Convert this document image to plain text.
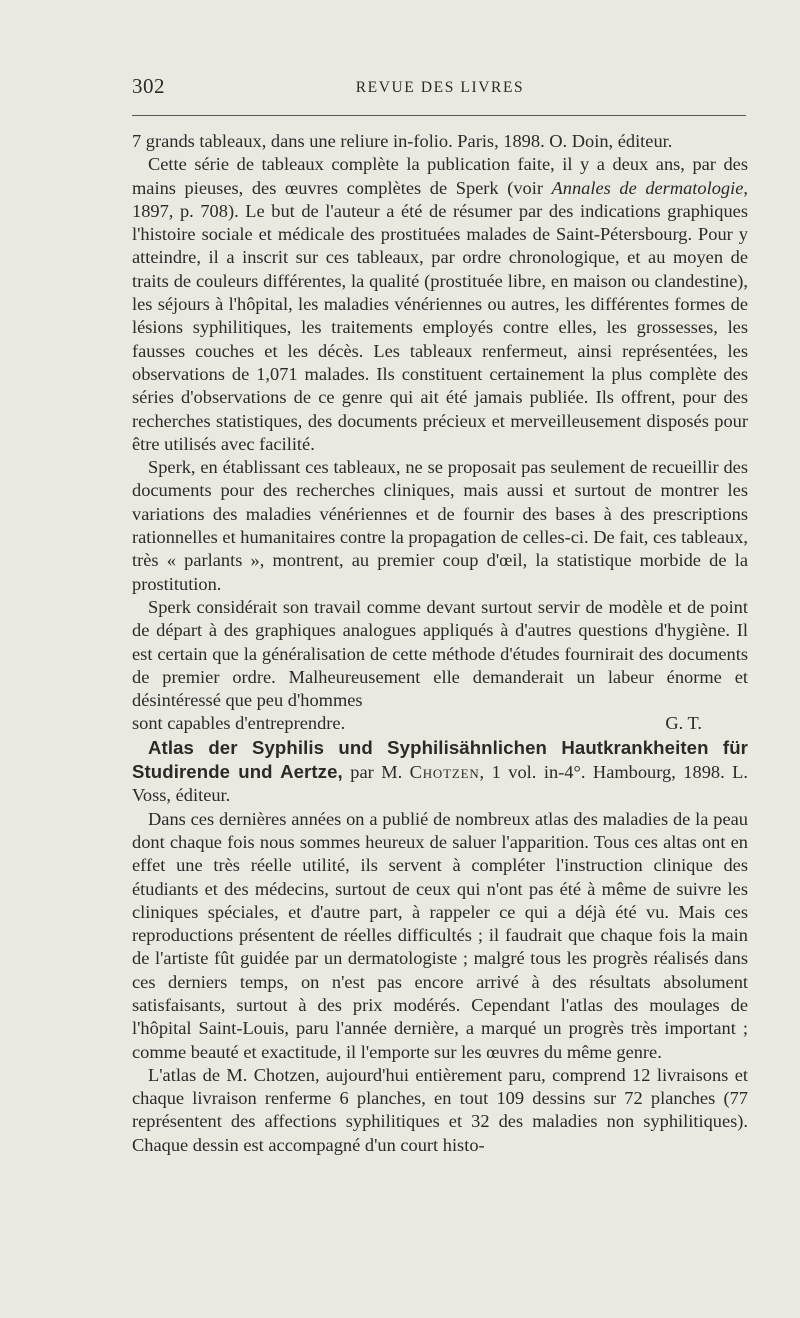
302	REVUE DES LIVRES

7 grands tableaux, dans une reliure in-folio. Paris, 1898. O. Doin, éditeur.

Cette série de tableaux complète la publication faite, il y a deux ans, par des mains pieuses, des œuvres complètes de Sperk (voir Annales de dermatologie, 1897, p. 708). Le but de l'auteur a été de résumer par des indications graphiques l'histoire sociale et médicale des prostituées malades de Saint-Pétersbourg. Pour y atteindre, il a inscrit sur ces tableaux, par ordre chronologique, et au moyen de traits de couleurs différentes, la qualité (prostituée libre, en maison ou clandestine), les séjours à l'hôpital, les maladies vénériennes ou autres, les différentes formes de lésions syphilitiques, les traitements employés contre elles, les grossesses, les fausses couches et les décès. Les tableaux renfermeut, ainsi représentées, les observations de 1,071 malades. Ils constituent certainement la plus complète des séries d'observations de ce genre qui ait été jamais publiée. Ils offrent, pour des recherches statistiques, des documents précieux et merveilleusement disposés pour être utilisés avec facilité.

Sperk, en établissant ces tableaux, ne se proposait pas seulement de recueillir des documents pour des recherches cliniques, mais aussi et surtout de montrer les variations des maladies vénériennes et de fournir des bases à des prescriptions rationnelles et humanitaires contre la propagation de celles-ci. De fait, ces tableaux, très « parlants », montrent, au premier coup d'œil, la statistique morbide de la prostitution.

Sperk considérait son travail comme devant surtout servir de modèle et de point de départ à des graphiques analogues appliqués à d'autres questions d'hygiène. Il est certain que la généralisation de cette méthode d'études fournirait des documents de premier ordre. Malheureusement elle demanderait un labeur énorme et désintéressé que peu d'hommes

sont capables d'entreprendre.	G. T.

Atlas der Syphilis und Syphilisähnlichen Hautkrankheiten für Studirende und Aertze, par M. Chotzen, 1 vol. in-4°. Hambourg, 1898. L. Voss, éditeur.

Dans ces dernières années on a publié de nombreux atlas des maladies de la peau dont chaque fois nous sommes heureux de saluer l'apparition. Tous ces altas ont en effet une très réelle utilité, ils servent à compléter l'instruction clinique des étudiants et des médecins, surtout de ceux qui n'ont pas été à même de suivre les cliniques spéciales, et d'autre part, à rappeler ce qui a déjà été vu. Mais ces reproductions présentent de réelles difficultés ; il faudrait que chaque fois la main de l'artiste fût guidée par un dermatologiste ; malgré tous les progrès réalisés dans ces derniers temps, on n'est pas encore arrivé à des résultats absolument satisfaisants, surtout à des prix modérés. Cependant l'atlas des moulages de l'hôpital Saint-Louis, paru l'année dernière, a marqué un progrès très important ; comme beauté et exactitude, il l'emporte sur les œuvres du même genre.

L'atlas de M. Chotzen, aujourd'hui entièrement paru, comprend 12 livraisons et chaque livraison renferme 6 planches, en tout 109 dessins sur 72 planches (77 représentent des affections syphilitiques et 32 des maladies non syphilitiques). Chaque dessin est accompagné d'un court histo-
